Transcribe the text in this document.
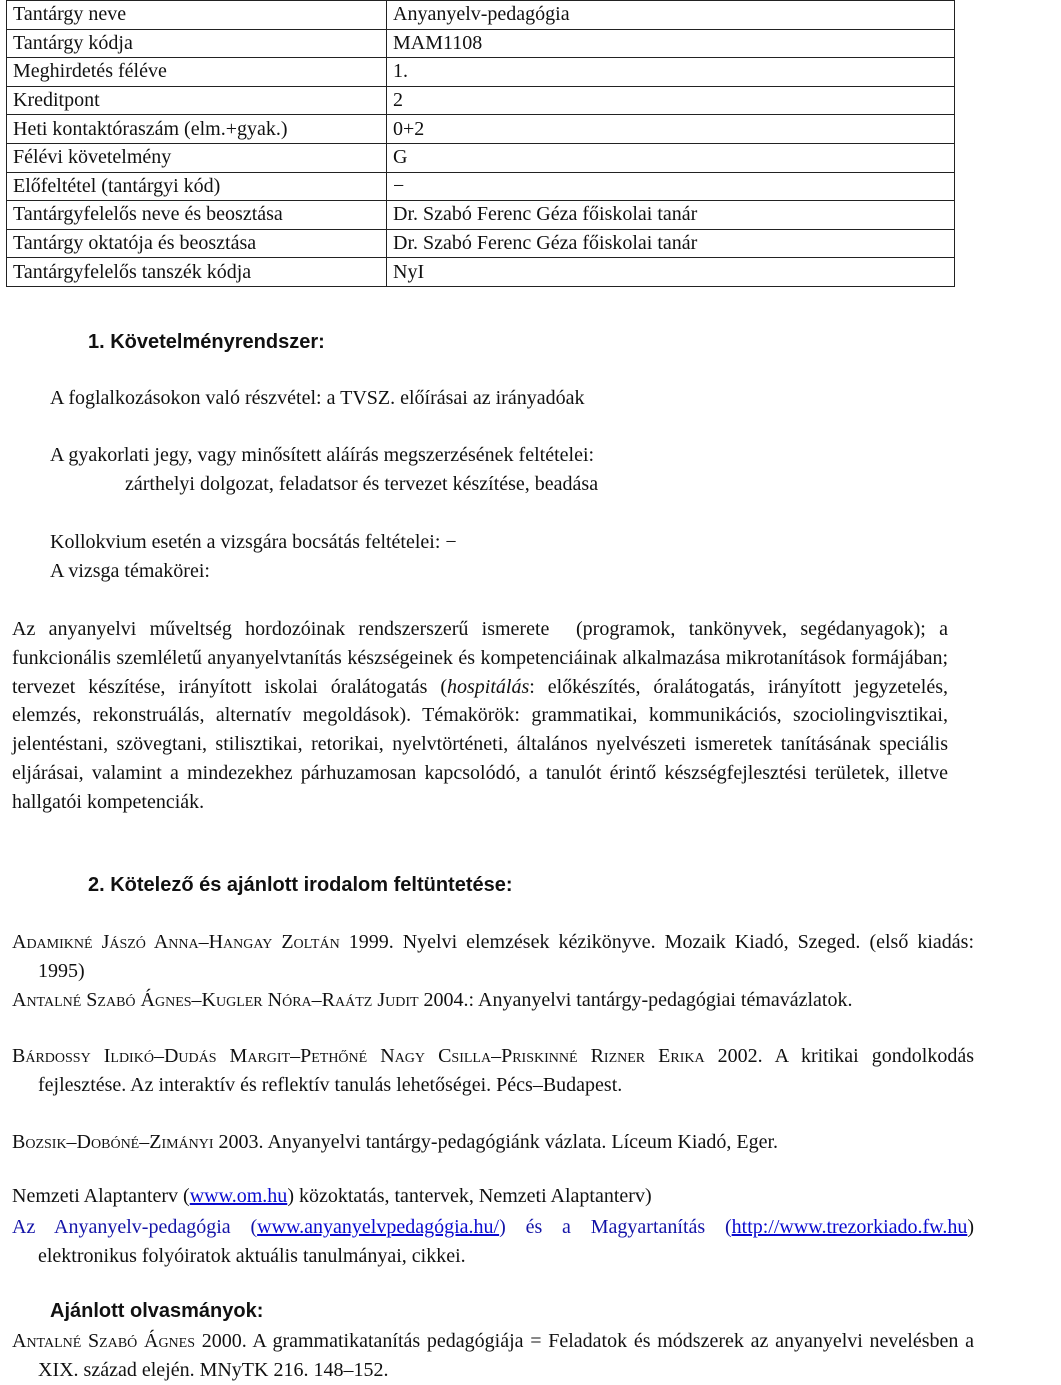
Tantárgy neve	Anyanyelv-pedagógia
Tantárgy kódja	MAM1108
Meghirdetés féléve	1.
Kreditpont	2
Heti kontaktóraszám (elm.+gyak.)	0+2
Félévi követelmény	G
Előfeltétel (tantárgyi kód)	−
Tantárgyfelelős neve és beosztása	Dr. Szabó Ferenc Géza főiskolai tanár
Tantárgy oktatója és beosztása	Dr. Szabó Ferenc Géza főiskolai tanár
Tantárgyfelelős tanszék kódja	NyI
1. Követelményrendszer:
A foglalkozásokon való részvétel: a TVSZ. előírásai az irányadóak
A gyakorlati jegy, vagy minősített aláírás megszerzésének feltételei:
zárthelyi dolgozat, feladatsor és tervezet készítése, beadása
Kollokvium esetén a vizsgára bocsátás feltételei: −
A vizsga témakörei:
Az anyanyelvi műveltség hordozóinak rendszerszerű ismerete  (programok, tankönyvek, segédanyagok); a funkcionális szemléletű anyanyelvtanítás készségeinek és kompetenciáinak alkalmazása mikrotanítások formájában; tervezet készítése, irányított iskolai óralátogatás (hospitálás: előkészítés, óralátogatás, irányított jegyzetelés, elemzés, rekonstruálás, alternatív megoldások). Témakörök: grammatikai, kommunikációs, szociolingvisztikai, jelentéstani, szövegtani, stilisztikai, retorikai, nyelvtörténeti, általános nyelvészeti ismeretek tanításának speciális eljárásai, valamint a mindezekhez párhuzamosan kapcsolódó, a tanulót érintő készségfejlesztési területek, illetve hallgatói kompetenciák.
2. Kötelező és ajánlott irodalom feltüntetése:
Adamikné Jászó Anna–Hangay Zoltán 1999. Nyelvi elemzések kézikönyve. Mozaik Kiadó, Szeged. (első kiadás: 1995)
Antalné Szabó Ágnes–Kugler Nóra–Raátz Judit 2004.: Anyanyelvi tantárgy-pedagógiai témavázlatok.
Bárdossy Ildikó–Dudás Margit–Pethőné Nagy Csilla–Priskinné Rizner Erika 2002. A kritikai gondolkodás fejlesztése. Az interaktív és reflektív tanulás lehetőségei. Pécs–Budapest.
Bozsik–Dobóné–Zimányi 2003. Anyanyelvi tantárgy-pedagógiánk vázlata. Líceum Kiadó, Eger.
Nemzeti Alaptanterv (www.om.hu) közoktatás, tantervek, Nemzeti Alaptanterv)
Az Anyanyelv-pedagógia (www.anyanyelvpedagógia.hu/) és a Magyartanítás (http://www.trezorkiado.fw.hu) elektronikus folyóiratok aktuális tanulmányai, cikkei.
Ajánlott olvasmányok:
Antalné Szabó Ágnes 2000. A grammatikatanítás pedagógiája = Feladatok és módszerek az anyanyelvi nevelésben a XIX. század elején. MNyTK 216. 148–152.
